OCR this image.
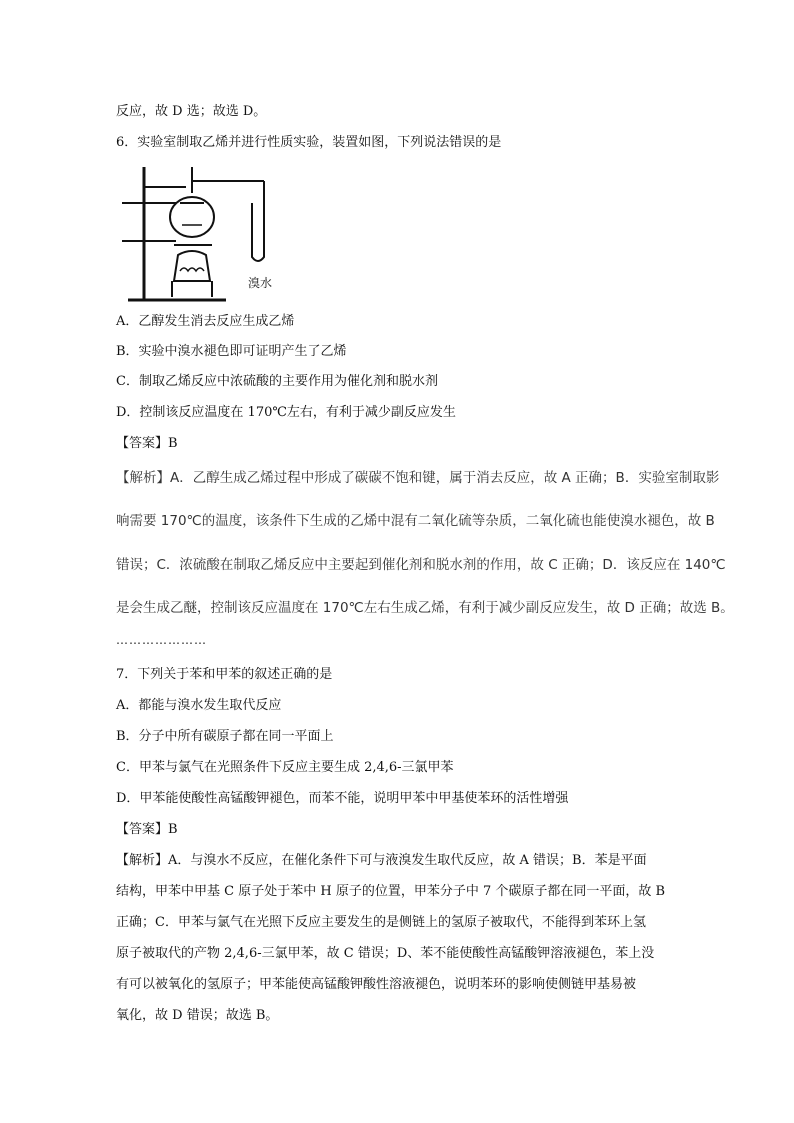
反应，故 D 选；故选 D。
6．实验室制取乙烯并进行性质实验，装置如图，下列说法错误的是
溴水
A．乙醇发生消去反应生成乙烯
B．实验中溴水褪色即可证明产生了乙烯
C．制取乙烯反应中浓硫酸的主要作用为催化剂和脱水剂
D．控制该反应温度在 170℃左右，有利于减少副反应发生
【答案】B
【解析】A．乙醇生成乙烯过程中形成了碳碳不饱和键，属于消去反应，故 A 正确；B．实验室制取影
响需要 170℃的温度，该条件下生成的乙烯中混有二氧化硫等杂质，二氧化硫也能使溴水褪色，故 B
错误；C．浓硫酸在制取乙烯反应中主要起到催化剂和脱水剂的作用，故 C 正确；D．该反应在 140℃
是会生成乙醚，控制该反应温度在 170℃左右生成乙烯，有利于减少副反应发生，故 D 正确；故选 B。
…………………
7．下列关于苯和甲苯的叙述正确的是
A．都能与溴水发生取代反应
B．分子中所有碳原子都在同一平面上
C．甲苯与氯气在光照条件下反应主要生成 2,4,6-三氯甲苯
D．甲苯能使酸性高锰酸钾褪色，而苯不能，说明甲苯中甲基使苯环的活性增强
【答案】B
【解析】A．与溴水不反应，在催化条件下可与液溴发生取代反应，故 A 错误；B．苯是平面
结构，甲苯中甲基 C 原子处于苯中 H 原子的位置，甲苯分子中 7 个碳原子都在同一平面，故 B
正确；C．甲苯与氯气在光照下反应主要发生的是侧链上的氢原子被取代，不能得到苯环上氢
原子被取代的产物 2,4,6-三氯甲苯，故 C 错误；D、苯不能使酸性高锰酸钾溶液褪色，苯上没
有可以被氧化的氢原子；甲苯能使高锰酸钾酸性溶液褪色，说明苯环的影响使侧链甲基易被
氧化，故 D 错误；故选 B。
